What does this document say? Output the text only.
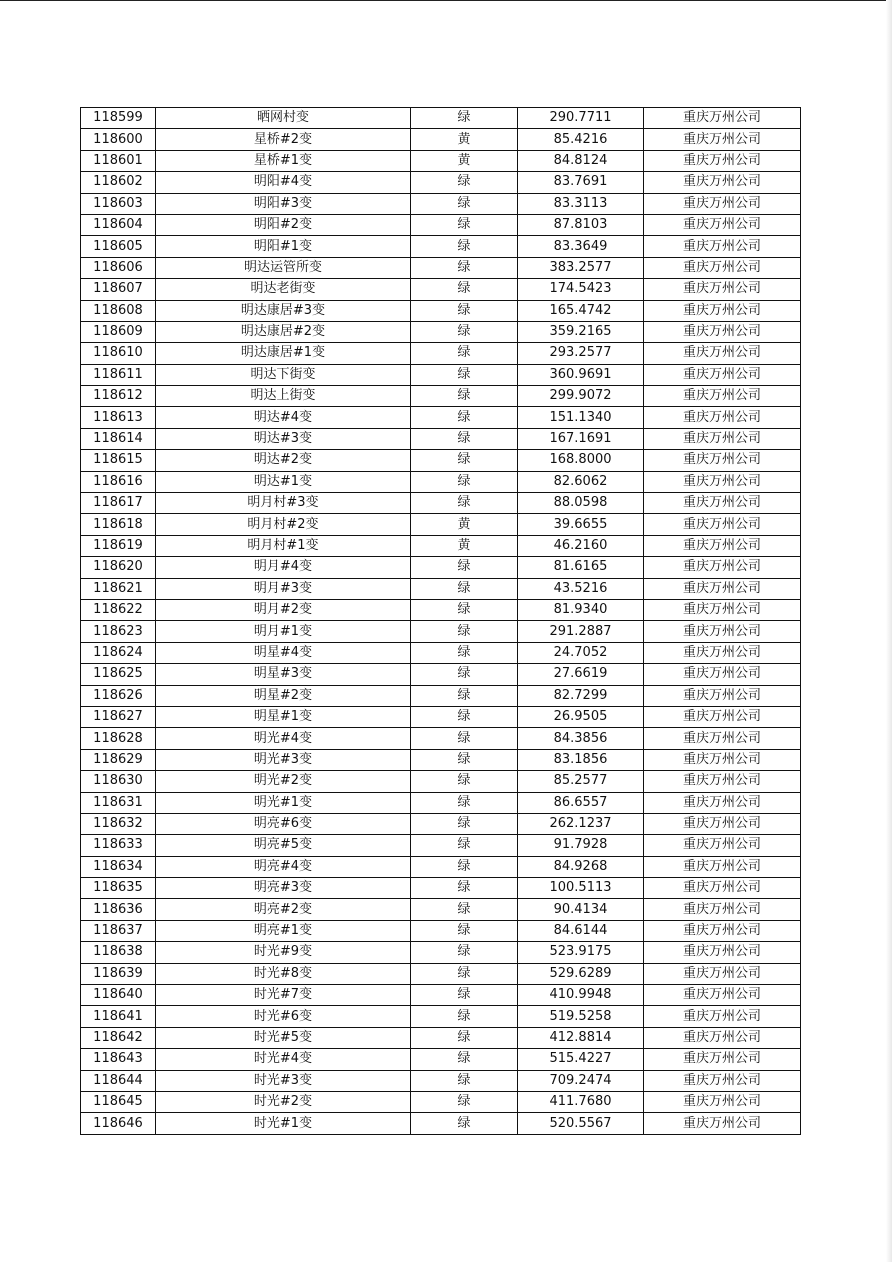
118599	晒网村变	绿	290.7711	重庆万州公司
118600	星桥#2变	黄	85.4216	重庆万州公司
118601	星桥#1变	黄	84.8124	重庆万州公司
118602	明阳#4变	绿	83.7691	重庆万州公司
118603	明阳#3变	绿	83.3113	重庆万州公司
118604	明阳#2变	绿	87.8103	重庆万州公司
118605	明阳#1变	绿	83.3649	重庆万州公司
118606	明达运管所变	绿	383.2577	重庆万州公司
118607	明达老街变	绿	174.5423	重庆万州公司
118608	明达康居#3变	绿	165.4742	重庆万州公司
118609	明达康居#2变	绿	359.2165	重庆万州公司
118610	明达康居#1变	绿	293.2577	重庆万州公司
118611	明达下街变	绿	360.9691	重庆万州公司
118612	明达上街变	绿	299.9072	重庆万州公司
118613	明达#4变	绿	151.1340	重庆万州公司
118614	明达#3变	绿	167.1691	重庆万州公司
118615	明达#2变	绿	168.8000	重庆万州公司
118616	明达#1变	绿	82.6062	重庆万州公司
118617	明月村#3变	绿	88.0598	重庆万州公司
118618	明月村#2变	黄	39.6655	重庆万州公司
118619	明月村#1变	黄	46.2160	重庆万州公司
118620	明月#4变	绿	81.6165	重庆万州公司
118621	明月#3变	绿	43.5216	重庆万州公司
118622	明月#2变	绿	81.9340	重庆万州公司
118623	明月#1变	绿	291.2887	重庆万州公司
118624	明星#4变	绿	24.7052	重庆万州公司
118625	明星#3变	绿	27.6619	重庆万州公司
118626	明星#2变	绿	82.7299	重庆万州公司
118627	明星#1变	绿	26.9505	重庆万州公司
118628	明光#4变	绿	84.3856	重庆万州公司
118629	明光#3变	绿	83.1856	重庆万州公司
118630	明光#2变	绿	85.2577	重庆万州公司
118631	明光#1变	绿	86.6557	重庆万州公司
118632	明亮#6变	绿	262.1237	重庆万州公司
118633	明亮#5变	绿	91.7928	重庆万州公司
118634	明亮#4变	绿	84.9268	重庆万州公司
118635	明亮#3变	绿	100.5113	重庆万州公司
118636	明亮#2变	绿	90.4134	重庆万州公司
118637	明亮#1变	绿	84.6144	重庆万州公司
118638	时光#9变	绿	523.9175	重庆万州公司
118639	时光#8变	绿	529.6289	重庆万州公司
118640	时光#7变	绿	410.9948	重庆万州公司
118641	时光#6变	绿	519.5258	重庆万州公司
118642	时光#5变	绿	412.8814	重庆万州公司
118643	时光#4变	绿	515.4227	重庆万州公司
118644	时光#3变	绿	709.2474	重庆万州公司
118645	时光#2变	绿	411.7680	重庆万州公司
118646	时光#1变	绿	520.5567	重庆万州公司
